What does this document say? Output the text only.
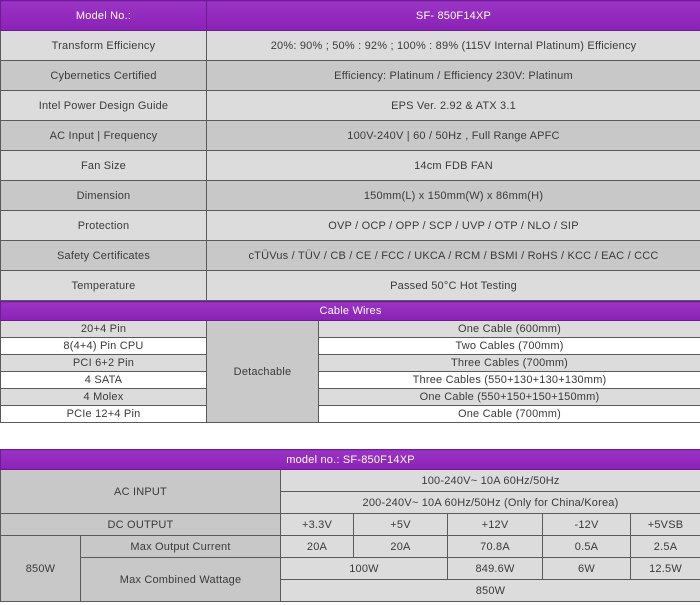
Model No.:	SF- 850F14XP
Transform Efficiency	20%: 90% ; 50% : 92% ; 100% : 89% (115V Internal Platinum) Efficiency
Cybernetics Certified	Efficiency: Platinum / Efficiency 230V: Platinum
Intel Power Design Guide	EPS Ver. 2.92 & ATX 3.1
AC Input | Frequency	100V-240V | 60 / 50Hz , Full Range APFC
Fan Size	14cm FDB FAN
Dimension	150mm(L) x 150mm(W) x 86mm(H)
Protection	OVP / OCP / OPP / SCP / UVP / OTP / NLO / SIP
Safety Certificates	cTÜVus / TÜV / CB / CE / FCC / UKCA / RCM / BSMI / RoHS / KCC / EAC / CCC
Temperature	Passed 50°C Hot Testing
Cable Wires		
20+4 Pin	Detachable	One Cable (600mm)
8(4+4) Pin CPU		Two Cables (700mm)
PCI 6+2 Pin		Three Cables (700mm)
4 SATA		Three Cables (550+130+130+130mm)
4 Molex		One Cable (550+150+150+150mm)
PCIe 12+4 Pin		One Cable (700mm)
model no.: SF-850F14XP						
AC INPUT		100-240V~ 10A 60Hz/50Hz				
		200-240V~ 10A 60Hz/50Hz (Only for China/Korea)				
DC OUTPUT		+3.3V	+5V	+12V	-12V	+5VSB
850W	Max Output Current	20A	20A	70.8A	0.5A	2.5A
	Max Combined Wattage	100W		849.6W	6W	12.5W
		850W				
